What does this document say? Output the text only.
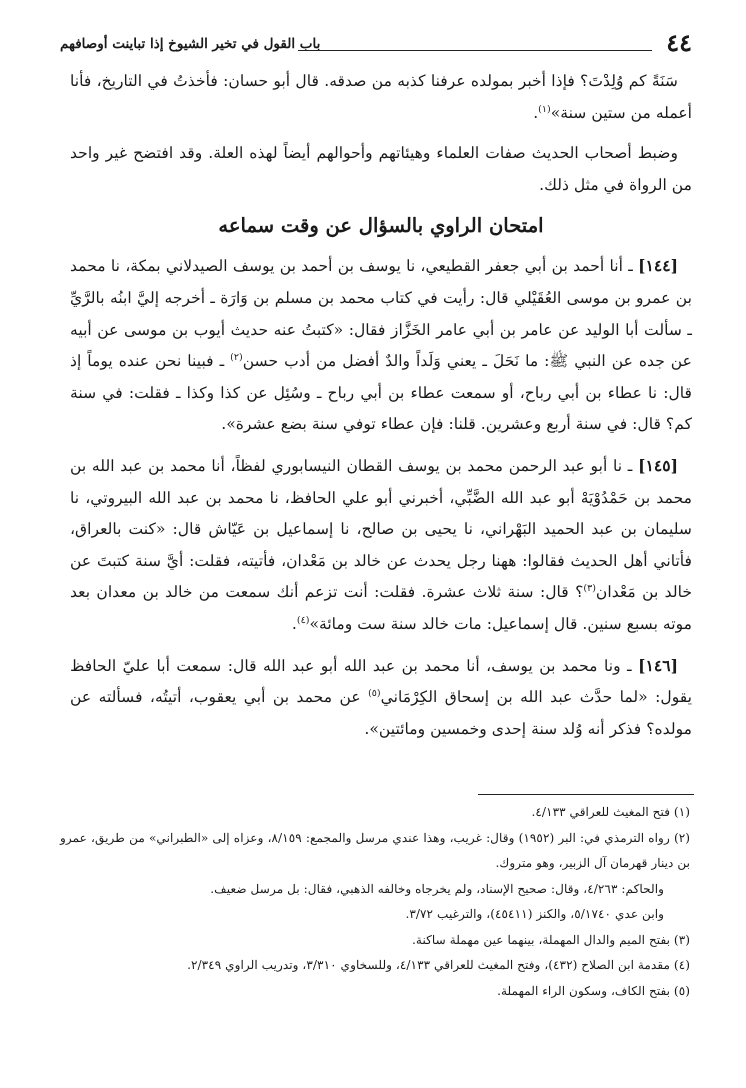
٤٤
باب القول في تخير الشيوخ إذا تباينت أوصافهم

سَنَةً كم وُلِدْتَ؟ فإذا أخبر بمولده عرفنا كذبه من صدقه. قال أبو حسان: فأخذتُ في التاريخ، فأنا أعمله من ستين سنة»$^{(١)}$.

وضبط أصحاب الحديث صفات العلماء وهيئاتهم وأحوالهم أيضاً لهذه العلة. وقد افتضح غير واحد من الرواة في مثل ذلك.

امتحان الراوي بالسؤال عن وقت سماعه

[١٤٤] ـ أنا أحمد بن أبي جعفر القطيعي، نا يوسف بن أحمد بن يوسف الصيدلاني بمكة، نا محمد بن عمرو بن موسى العُقَيْلي قال: رأيت في كتاب محمد بن مسلم بن وَارَة ـ أخرجه إليَّ ابنُه بالرَّيِّ ـ سألت أبا الوليد عن عامر بن أبي عامر الخَزَّاز فقال: «كتبتُ عنه حديث أيوب بن موسى عن أبيه عن جده عن النبي ﷺ: ما نَحَلَ ـ يعني وَلَداً والدٌ أفضل من أدب حسن$^{(٢)}$ ـ فبينا نحن عنده يوماً إذ قال: نا عطاء بن أبي رباح، أو سمعت عطاء بن أبي رباح ـ وسُئِل عن كذا وكذا ـ فقلت: في سنة كم؟ قال: في سنة أربع وعشرين. قلنا: فإن عطاء توفي سنة بضع عشرة».

[١٤٥] ـ نا أبو عبد الرحمن محمد بن يوسف القطان النيسابوري لفظاً، أنا محمد بن عبد الله بن محمد بن حَمْدُوْيَهْ أبو عبد الله الضَّبِّي، أخبرني أبو علي الحافظ، نا محمد بن عبد الله البيروتي، نا سليمان بن عبد الحميد البَهْراني، نا يحيى بن صالح، نا إسماعيل بن عَيّاش قال: «كنت بالعراق، فأتاني أهل الحديث فقالوا: ههنا رجل يحدث عن خالد بن مَعْدان، فأتيته، فقلت: أيَّ سنة كتبتَ عن خالد بن مَعْدان$^{(٣)}$؟ قال: سنة ثلاث عشرة. فقلت: أنت تزعم أنك سمعت من خالد بن معدان بعد موته بسبع سنين. قال إسماعيل: مات خالد سنة ست ومائة»$^{(٤)}$.

[١٤٦] ـ ونا محمد بن يوسف، أنا محمد بن عبد الله أبو عبد الله قال: سمعت أبا عليّ الحافظ يقول: «لما حدَّث عبد الله بن إسحاق الكِرْمَاني$^{(٥)}$ عن محمد بن أبي يعقوب، أتيتُه، فسألته عن مولده؟ فذكر أنه وُلد سنة إحدى وخمسين ومائتين».

(١) فتح المغيث للعراقي ٤/١٣٣.

(٢) رواه الترمذي في: البر (١٩٥٢) وقال: غريب، وهذا عندي مرسل والمجمع: ٨/١٥٩، وعزاه إلى «الطبراني» من طريق، عمرو بن دينار قهرمان آل الزبير، وهو متروك.

والحاكم: ٤/٢٦٣، وقال: صحيح الإسناد، ولم يخرجاه وخالفه الذهبي، فقال: بل مرسل ضعيف.

وابن عدي ٥/١٧٤٠، والكنز (٤٥٤١١)، والترغيب ٣/٧٢.

(٣) بفتح الميم والدال المهملة، بينهما عين مهملة ساكنة.

(٤) مقدمة ابن الصلاح (٤٣٢)، وفتح المغيث للعراقي ٤/١٣٣، وللسخاوي ٣/٣١٠، وتدريب الراوي ٢/٣٤٩.

(٥) بفتح الكاف، وسكون الراء المهملة.
